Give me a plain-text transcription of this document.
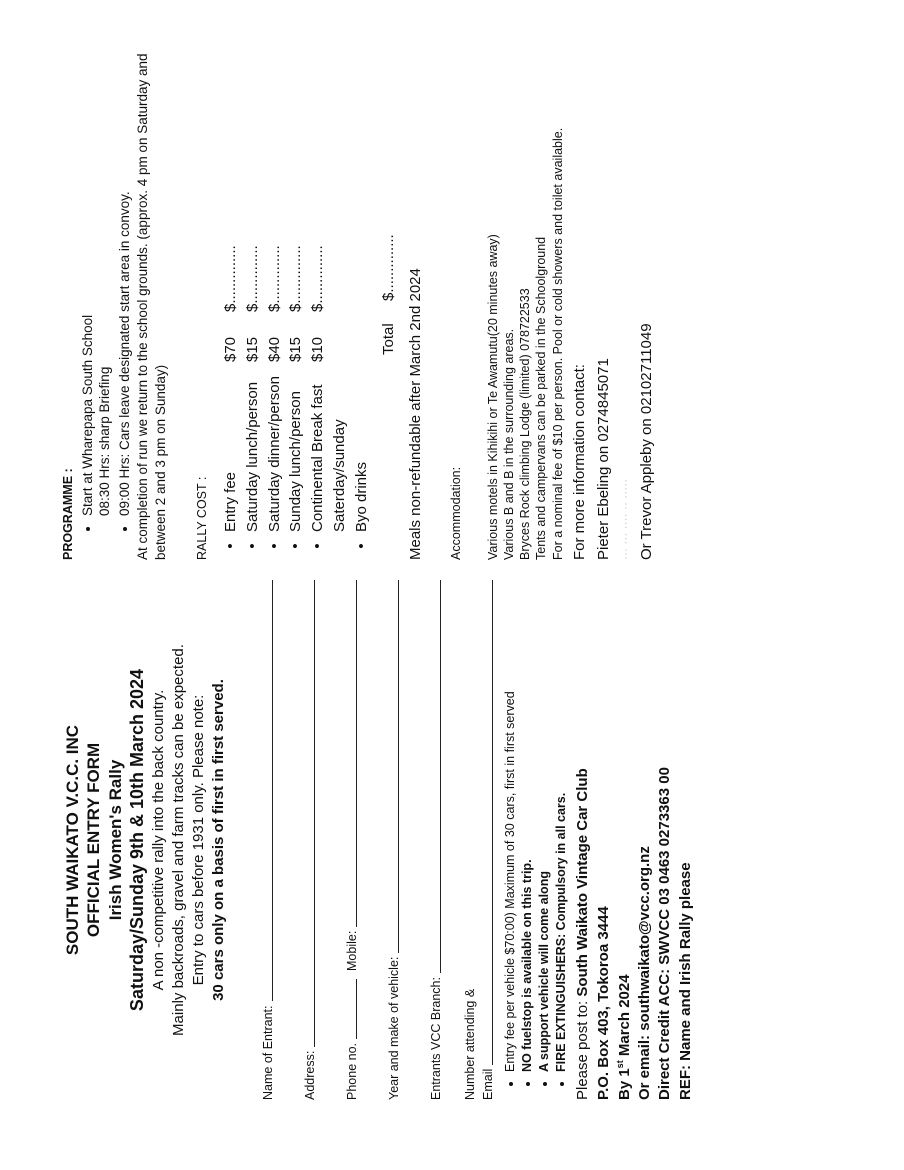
SOUTH WAIKATO V.C.C. INC OFFICIAL ENTRY FORM Irish Women's Rally Saturday/Sunday 9th & 10th March 2024 A non -competitive rally into the back country. Mainly backroads, gravel and farm tracks can be expected. Entry to cars before 1931 only. Please note: 30 cars only on a basis of first in first served.
Name of Entrant: Address: Phone no.
Mobile:
Year and make of vehicle: Entrants VCC Branch: Number attending & Email
• Entry fee per vehicle $70:00) Maximum of 30 cars, first in first served • NO fuelstop is available on this trip. • A support vehicle will come along • FIRE EXTINGUISHERS: Compulsory in all cars. Please post to: South Waikato Vintage Car Club
P.O. Box 403, Tokoroa 3444 By 1st March 2024 Or email: southwaikato@vcc.org.nz Direct Credit ACC: SWVCC 03 0463 0273363 00 REF: Name and Irish Rally please
PROGRAMME : • Start at Wharepapa South School 08:30 Hrs: sharp Briefing • 09:00 Hrs: Cars leave designated start area in convoy. At completion of run we return to the school grounds. (approx. 4 pm on Saturday and between 2 and 3 pm on Sunday) RALLY COST : •	Entry fee	$70	$..............
•	Saturday lunch/person	$15	$..............
•	Saturday dinner/person	$40	$..............
•	Sunday lunch/person	$15	$..............
•	Continental Break fast	$10	$..............
	Saterday/sunday		
•	Byo drinks		
Total  $..............
Meals non-refundable after March 2nd 2024 Accommodation: Various motels in Kihikihi or Te Awamutu(20 minutes away) Various B and B in the surrounding areas. Bryces Rock climbing Lodge (limited) 078722533 Tents and campervans can be parked in the Schoolground For a nominal fee of $10 per person. Pool or cold showers and toilet available. For more information contact: Pieter Ebeling on 0274845071 ··· ··· ···· ·· ····· Or Trevor Appleby on 02102711049
